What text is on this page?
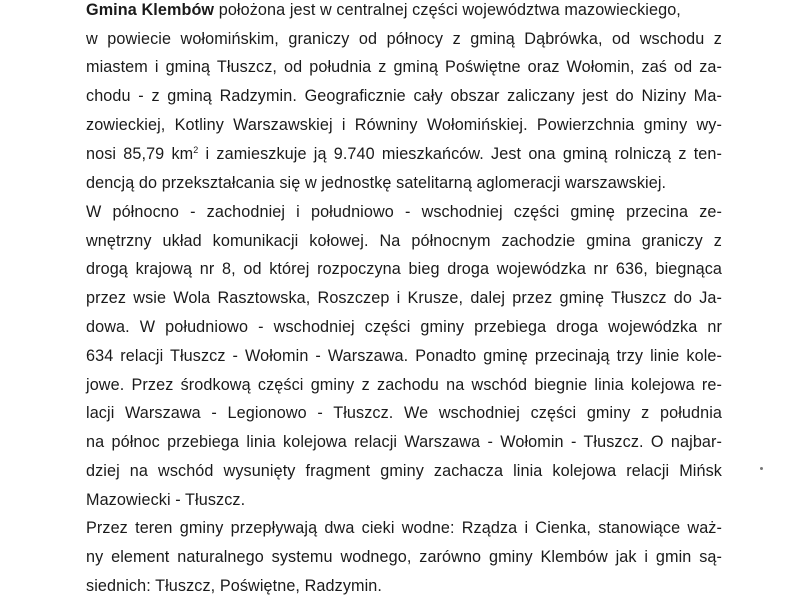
Gmina Klembów położona jest w centralnej części województwa mazowieckiego,
w powiecie wołomińskim, graniczy od północy z gminą Dąbrówka, od wschodu z
miastem i gminą Tłuszcz, od południa z gminą Poświętne oraz Wołomin, zaś od za-
chodu - z gminą Radzymin. Geograficznie cały obszar zaliczany jest do Niziny Ma-
zowieckiej, Kotliny Warszawskiej i Równiny Wołomińskiej. Powierzchnia gminy wy-
nosi 85,79 $km^2$ i zamieszkuje ją 9.740 mieszkańców. Jest ona gminą rolniczą z ten-
dencją do przekształcania się w jednostkę satelitarną aglomeracji warszawskiej.
W północno - zachodniej i południowo - wschodniej części gminę przecina ze-
wnętrzny układ komunikacji kołowej. Na północnym zachodzie gmina graniczy z
drogą krajową nr 8, od której rozpoczyna bieg droga wojewódzka nr 636, biegnąca
przez wsie Wola Rasztowska, Roszczep i Krusze, dalej przez gminę Tłuszcz do Ja-
dowa. W południowo - wschodniej części gminy przebiega droga wojewódzka nr
634 relacji Tłuszcz - Wołomin - Warszawa. Ponadto gminę przecinają trzy linie kole-
jowe. Przez środkową części gminy z zachodu na wschód biegnie linia kolejowa re-
lacji Warszawa - Legionowo - Tłuszcz. We wschodniej części gminy z południa
na północ przebiega linia kolejowa relacji Warszawa - Wołomin - Tłuszcz. O najbar-
dziej na wschód wysunięty fragment gminy zachacza linia kolejowa relacji Mińsk
Mazowiecki - Tłuszcz.
Przez teren gminy przepływają dwa cieki wodne: Rządza i Cienka, stanowiące waż-
ny element naturalnego systemu wodnego, zarówno gminy Klembów jak i gmin są-
siednich: Tłuszcz, Poświętne, Radzymin.
